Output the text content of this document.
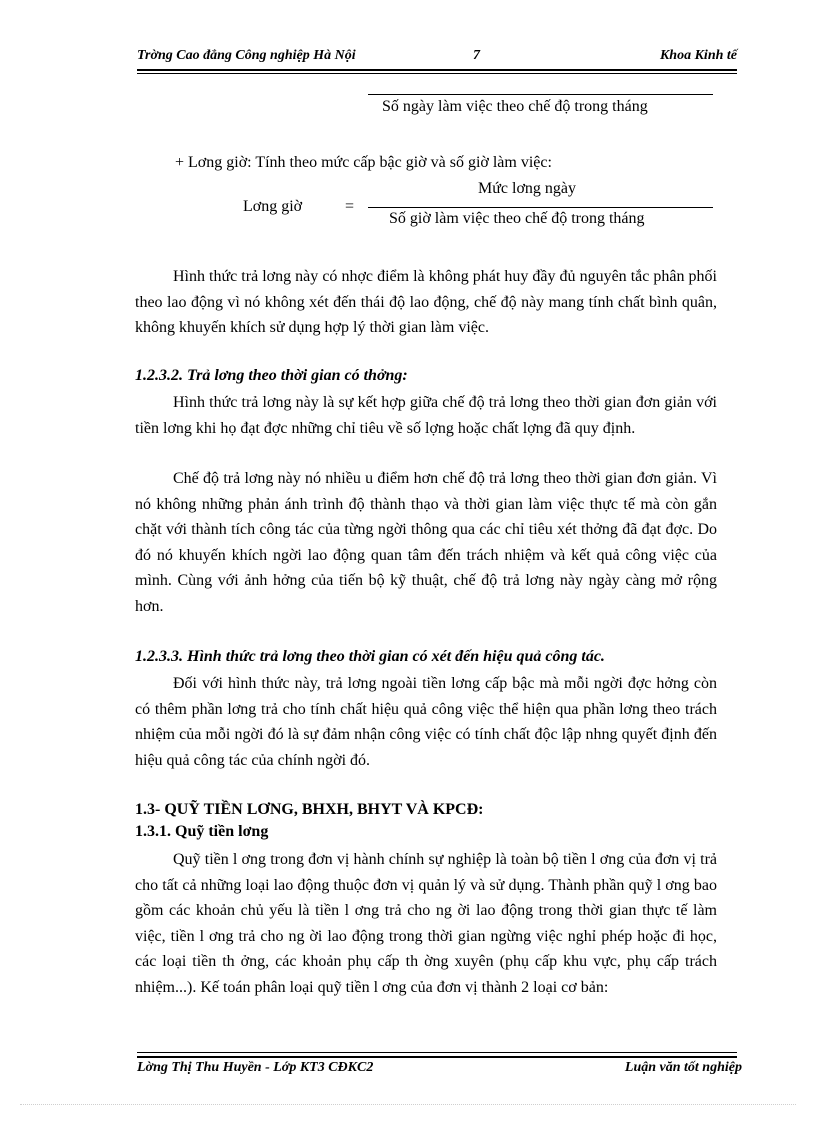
Trờng Cao đẳng Công nghiệp Hà Nội	7	Khoa Kinh tế
Số ngày làm việc theo chế độ trong tháng
+ Lơng giờ: Tính theo mức cấp bậc giờ và số giờ làm việc:
Mức lơng ngày
Lơng giờ	=
Số giờ làm việc theo chế độ trong tháng

Hình thức trả lơng này có nhợc điểm là không phát huy đầy đủ nguyên tắc phân phối theo lao động vì nó không xét đến thái độ lao động, chế độ này mang tính chất bình quân, không khuyến khích sử dụng hợp lý thời gian làm việc.

1.2.3.2. Trả lơng theo thời gian có thởng:

Hình thức trả lơng này là sự kết hợp giữa chế độ trả lơng theo thời gian đơn giản với tiền lơng khi họ đạt đợc những chỉ tiêu về số lợng hoặc chất lợng đã quy định.

Chế độ trả lơng này nó nhiều u điểm hơn chế độ trả lơng theo thời gian đơn giản. Vì nó không những phản ánh trình độ thành thạo và thời gian làm việc thực tế mà còn gắn chặt với thành tích công tác của từng ngời thông qua các chỉ tiêu xét thởng đã đạt đợc. Do đó nó khuyến khích ngời lao động quan tâm đến trách nhiệm và kết quả công việc của mình. Cùng với ảnh hởng của tiến bộ kỹ thuật, chế độ trả lơng này ngày càng mở rộng hơn.

1.2.3.3. Hình thức trả lơng theo thời gian có xét đến hiệu quả công tác.

Đối với hình thức này, trả lơng ngoài tiền lơng cấp bậc mà mỗi ngời đợc hởng còn có thêm phần lơng trả cho tính chất hiệu quả công việc thể hiện qua phần lơng theo trách nhiệm của mỗi ngời đó là sự đảm nhận công việc có tính chất độc lập nhng quyết định đến hiệu quả công tác của chính ngời đó.

1.3- QUỸ TIỀN LƠNG, BHXH, BHYT VÀ KPCĐ:
1.3.1. Quỹ tiền lơng

Quỹ tiền l ơng trong đơn vị hành chính sự nghiệp là toàn bộ tiền l ơng của đơn vị trả cho tất cả những loại lao động thuộc đơn vị quản lý và sử dụng. Thành phần quỹ l ơng bao gồm các khoản chủ yếu là tiền l ơng trả cho ng ời lao động trong thời gian thực tế làm việc, tiền l ơng trả cho ng ời lao động trong thời gian ngừng việc nghỉ phép hoặc đi học, các loại tiền th ởng, các khoản phụ cấp th ờng xuyên (phụ cấp khu vực, phụ cấp trách nhiệm...). Kế toán phân loại quỹ tiền l ơng của đơn vị thành 2 loại cơ bản:

Lờng Thị Thu Huyền - Lớp KT3 CĐKC2	Luận văn tốt nghiệp
